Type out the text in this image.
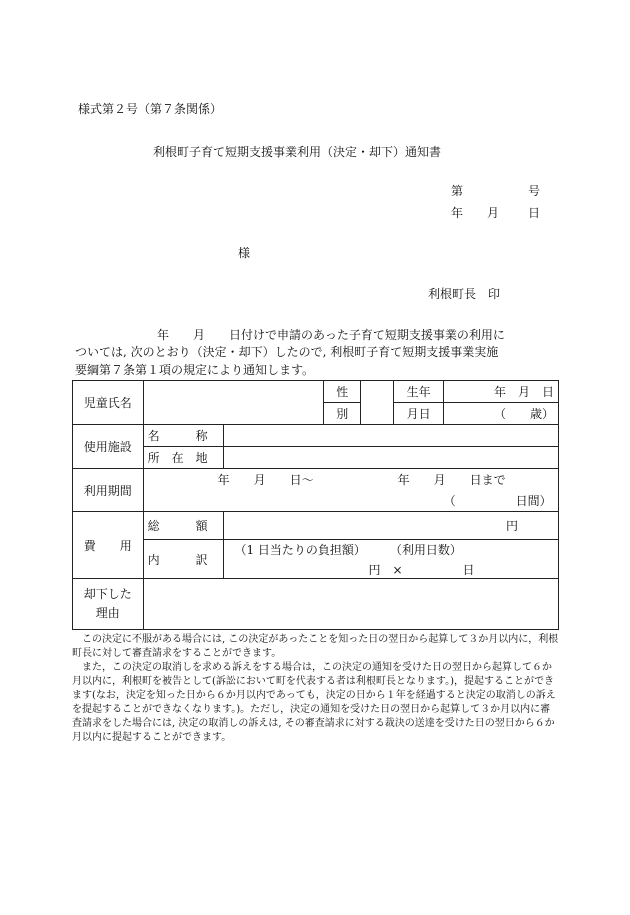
様式第２号（第７条関係）
利根町子育て短期支援事業利用（決定・却下）通知書
第	号
年 月 日
様
利根町長　印
年　　月　　日付けで申請のあった子育て短期支援事業の利用に
ついては, 次のとおり（決定・却下）したので, 利根町子育て短期支援事業実施
要綱第７条第１項の規定により通知します。
児童氏名			性		生年	年　月　日
			別		月日	（　　歳）
使用施設	名　　　称					
	所　在　地					
利用期間	年　　月　　日〜　　　　　　　年　　月　　日まで
（　　　　　日間）					

費　　用	総　　　額	円				
	内　　　訳	（1 日当たりの負担額）　　　（利用日数）
円　×　　　　　日				

却下した
理由						

この決定に不服がある場合には, この決定があったことを知った日の翌日から起算して３か月以内に，利根町長に対して審査請求をすることができます。

また，この決定の取消しを求める訴えをする場合は，この決定の通知を受けた日の翌日から起算して６か月以内に，利根町を被告として(訴訟において町を代表する者は利根町長となります。)，提起することができます(なお，決定を知った日から６か月以内であっても，決定の日から１年を経過すると決定の取消しの訴えを提起することができなくなります。)。ただし，決定の通知を受けた日の翌日から起算して３か月以内に審査請求をした場合には, 決定の取消しの訴えは, その審査請求に対する裁決の送達を受けた日の翌日から６か月以内に提起することができます。
